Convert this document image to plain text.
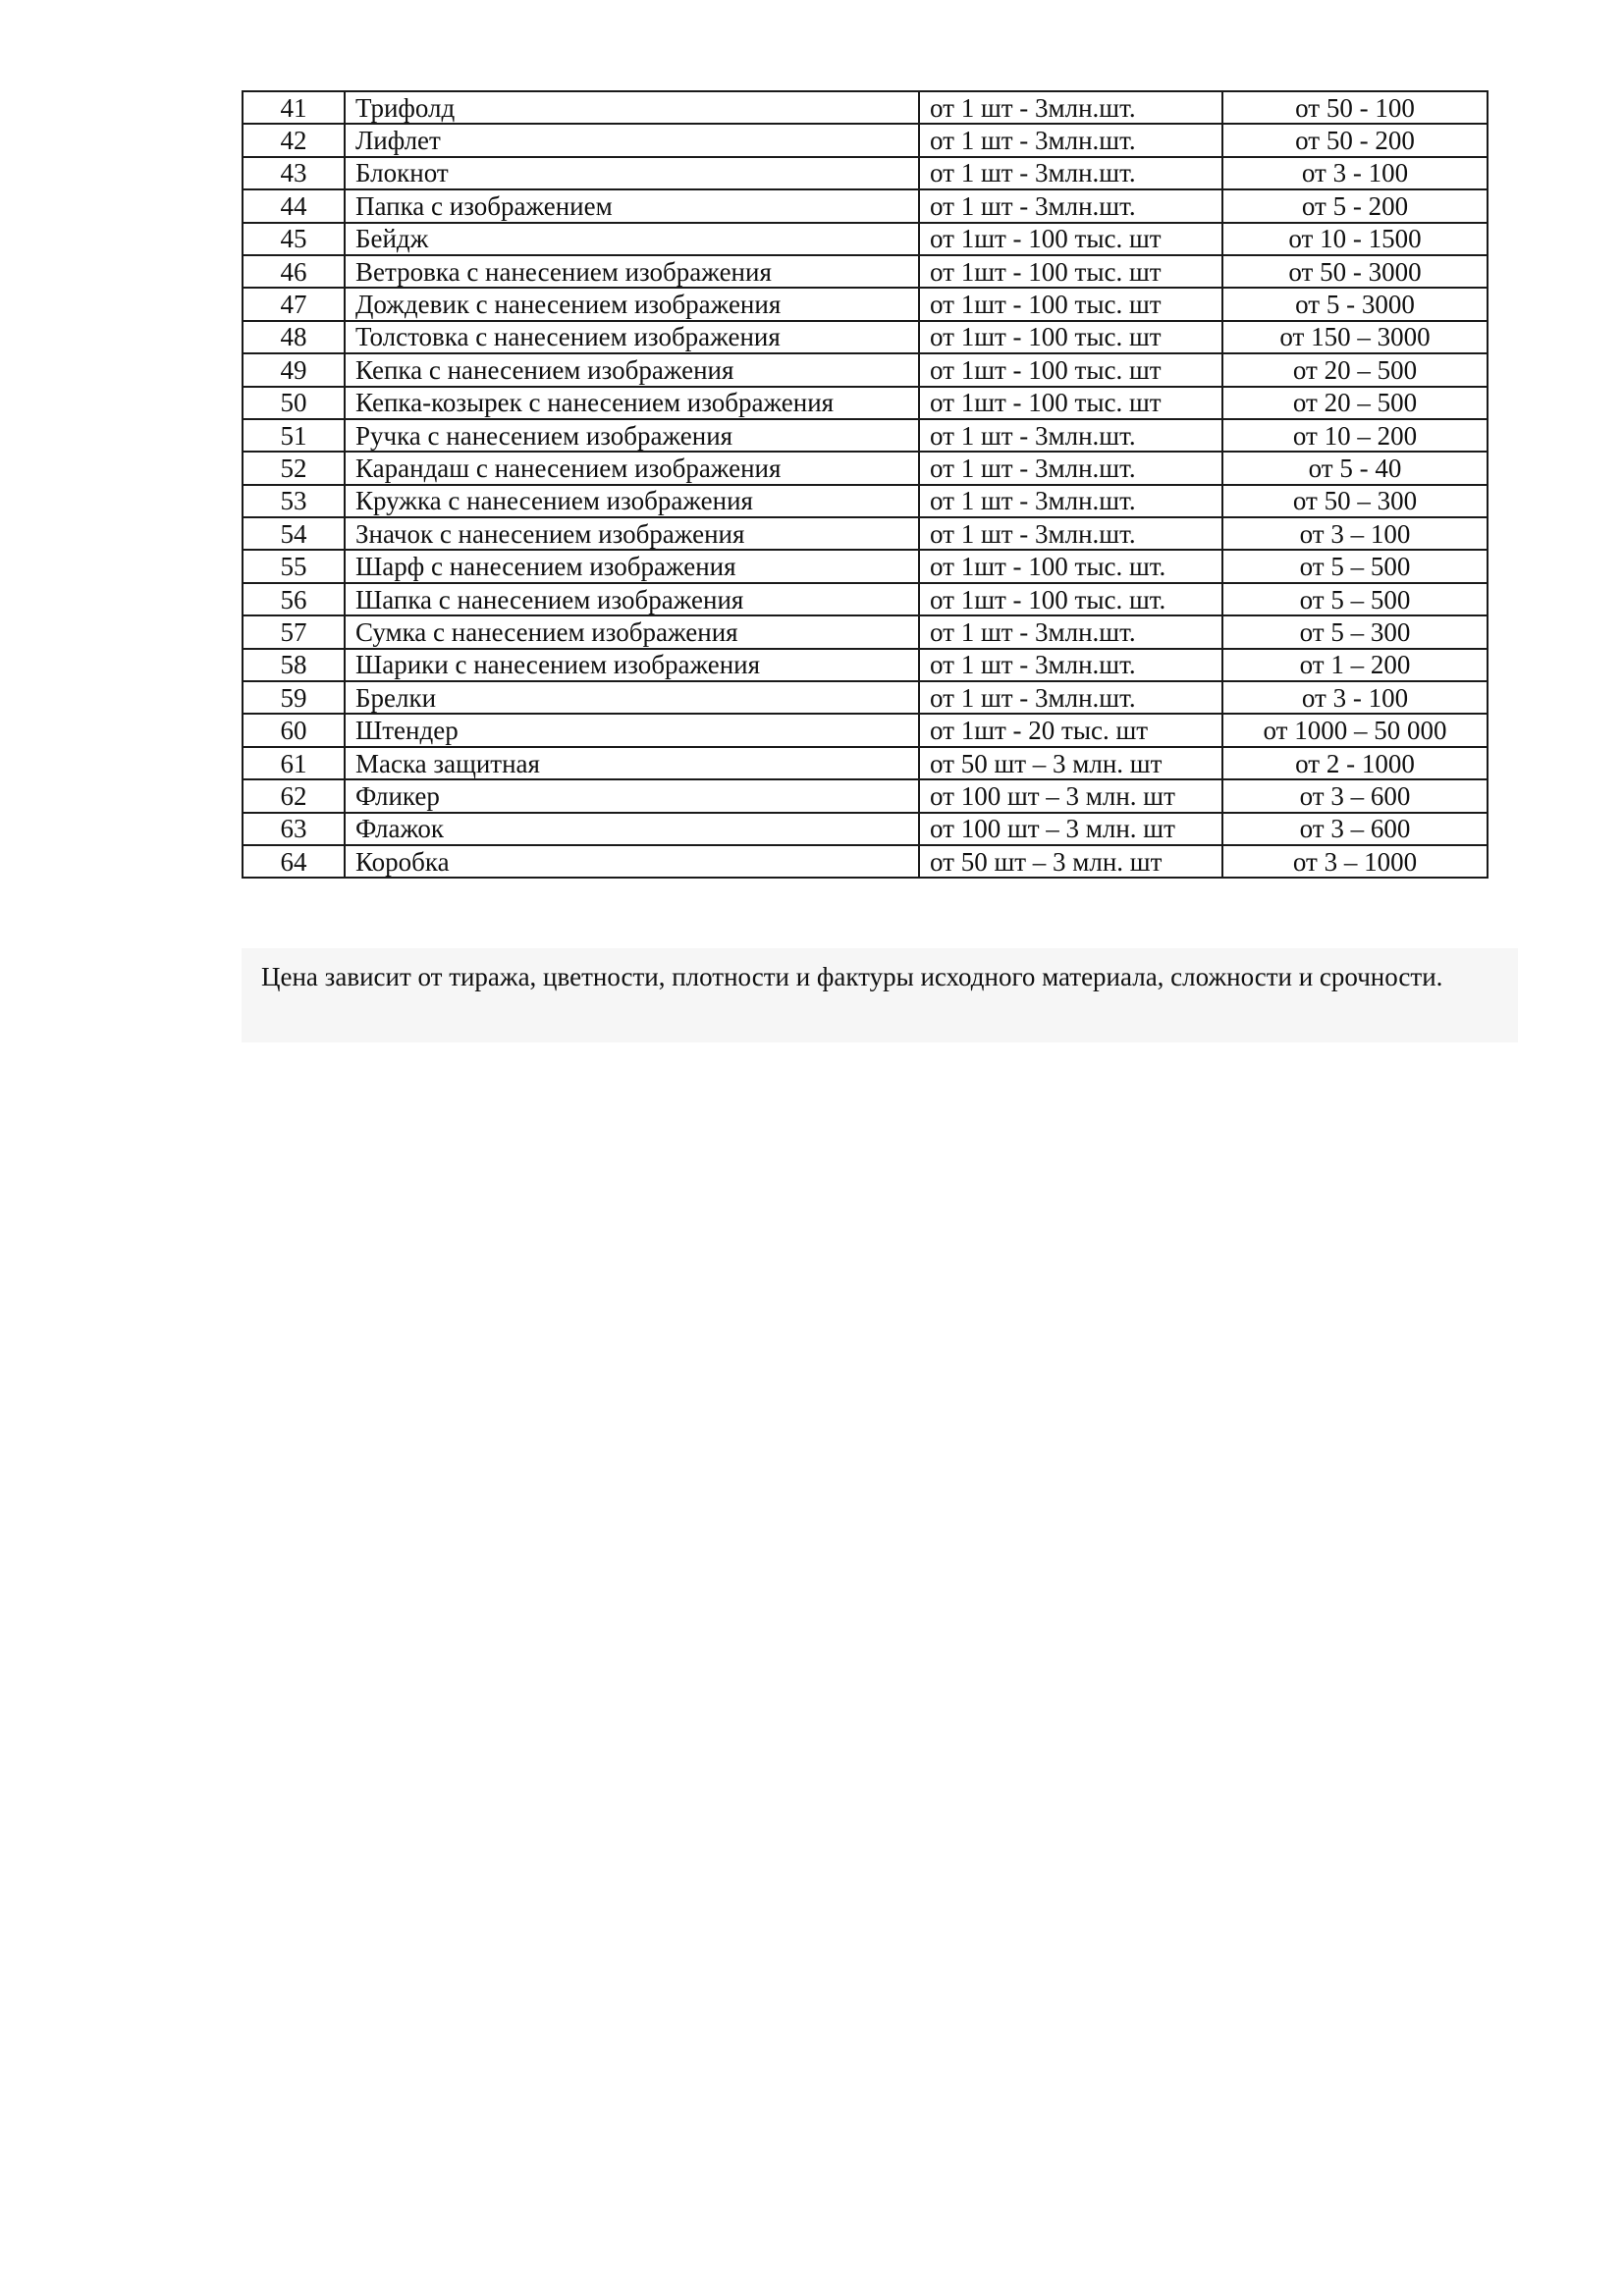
41	Трифолд	от 1 шт - 3млн.шт.	от 50 - 100
42	Лифлет	от 1 шт - 3млн.шт.	от 50 - 200
43	Блокнот	от 1 шт - 3млн.шт.	от 3 - 100
44	Папка с изображением	от 1 шт - 3млн.шт.	от 5 - 200
45	Бейдж	от 1шт - 100 тыс. шт	от 10 - 1500
46	Ветровка с нанесением изображения	от 1шт - 100 тыс. шт	от 50 - 3000
47	Дождевик с нанесением изображения	от 1шт - 100 тыс. шт	от 5 - 3000
48	Толстовка с нанесением изображения	от 1шт - 100 тыс. шт	от 150 – 3000
49	Кепка с нанесением изображения	от 1шт - 100 тыс. шт	от 20 – 500
50	Кепка-козырек с нанесением изображения	от 1шт - 100 тыс. шт	от 20 – 500
51	Ручка с нанесением изображения	от 1 шт - 3млн.шт.	от 10 – 200
52	Карандаш с нанесением изображения	от 1 шт - 3млн.шт.	от 5 - 40
53	Кружка с нанесением изображения	от 1 шт - 3млн.шт.	от 50 – 300
54	Значок с нанесением изображения	от 1 шт - 3млн.шт.	от 3 – 100
55	Шарф с нанесением изображения	от 1шт - 100 тыс. шт.	от 5 – 500
56	Шапка с нанесением изображения	от 1шт - 100 тыс. шт.	от 5 – 500
57	Сумка с нанесением изображения	от 1 шт - 3млн.шт.	от 5 – 300
58	Шарики с нанесением изображения	от 1 шт - 3млн.шт.	от 1 – 200
59	Брелки	от 1 шт - 3млн.шт.	от 3 - 100
60	Штендер	от 1шт - 20 тыс. шт	от 1000 – 50 000
61	Маска защитная	от 50 шт – 3 млн. шт	от 2 - 1000
62	Фликер	от 100 шт – 3 млн. шт	от 3 – 600
63	Флажок	от 100 шт – 3 млн. шт	от 3 – 600
64	Коробка	от 50 шт – 3 млн. шт	от 3 – 1000
Цена зависит от тиража, цветности, плотности и фактуры исходного материала, сложности и срочности.
